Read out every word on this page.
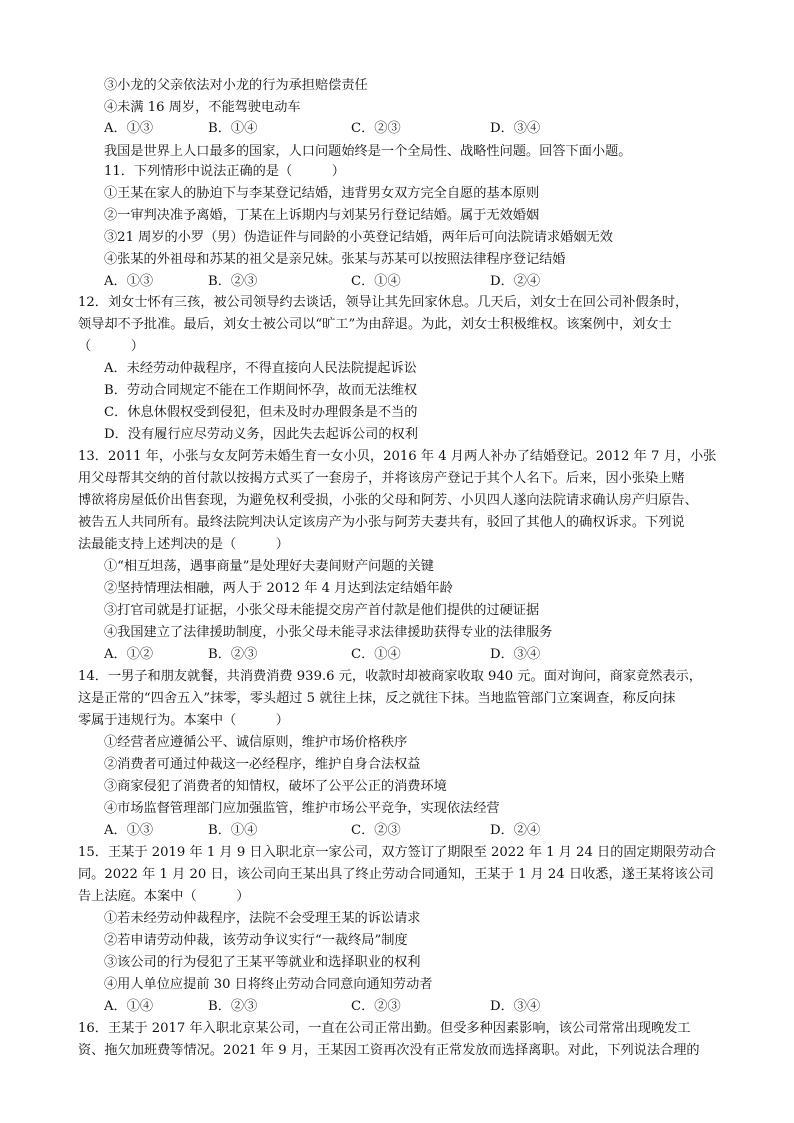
③小龙的父亲依法对小龙的行为承担赔偿责任
④未满 16 周岁，不能驾驶电动车
A．①③	B．①④	C．②③	D．③④
我国是世界上人口最多的国家，人口问题始终是一个全局性、战略性问题。回答下面小题。
11．下列情形中说法正确的是（　　　）
①王某在家人的胁迫下与李某登记结婚，违背男女双方完全自愿的基本原则
②一审判决准予离婚，丁某在上诉期内与刘某另行登记结婚。属于无效婚姻
③21 周岁的小罗（男）伪造证件与同龄的小英登记结婚，两年后可向法院请求婚姻无效
④张某的外祖母和苏某的祖父是亲兄妹。张某与苏某可以按照法律程序登记结婚
A．①③	B．②③	C．①④	D．②④
12．刘女士怀有三孩，被公司领导约去谈话，领导让其先回家休息。几天后，刘女士在回公司补假条时，
领导却不予批准。最后，刘女士被公司以“旷工”为由辞退。为此，刘女士积极维权。该案例中，刘女士
（　　　）
A．未经劳动仲裁程序，不得直接向人民法院提起诉讼
B．劳动合同规定不能在工作期间怀孕，故而无法维权
C．休息休假权受到侵犯，但未及时办理假条是不当的
D．没有履行应尽劳动义务，因此失去起诉公司的权利
13．2011 年，小张与女友阿芳未婚生育一女小贝，2016 年 4 月两人补办了结婚登记。2012 年 7 月，小张
用父母帮其交纳的首付款以按揭方式买了一套房子，并将该房产登记于其个人名下。后来，因小张染上赌
博欲将房屋低价出售套现，为避免权利受损，小张的父母和阿芳、小贝四人遂向法院请求确认房产归原告、
被告五人共同所有。最终法院判决认定该房产为小张与阿芳夫妻共有，驳回了其他人的确权诉求。下列说
法最能支持上述判决的是（　　　）
①“相互坦荡，遇事商量”是处理好夫妻间财产问题的关键
②坚持情理法相融，两人于 2012 年 4 月达到法定结婚年龄
③打官司就是打证据，小张父母未能提交房产首付款是他们提供的过硬证据
④我国建立了法律援助制度，小张父母未能寻求法律援助获得专业的法律服务
A．①②	B．②③	C．①④	D．③④
14．一男子和朋友就餐，共消费消费 939.6 元，收款时却被商家收取 940 元。面对询问，商家竟然表示，
这是正常的“四舍五入”抹零，零头超过 5 就往上抹，反之就往下抹。当地监管部门立案调查，称反向抹
零属于违规行为。本案中（　　　）
①经营者应遵循公平、诚信原则，维护市场价格秩序
②消费者可通过仲裁这一必经程序，维护自身合法权益
③商家侵犯了消费者的知情权，破坏了公平公正的消费环境
④市场监督管理部门应加强监管，维护市场公平竞争，实现依法经营
A．①③	B．①④	C．②③	D．②④
15．王某于 2019 年 1 月 9 日入职北京一家公司，双方签订了期限至 2022 年 1 月 24 日的固定期限劳动合
同。2022 年 1 月 20 日，该公司向王某出具了终止劳动合同通知，王某于 1 月 24 日收悉，遂王某将该公司
告上法庭。本案中（　　　）
①若未经劳动仲裁程序，法院不会受理王某的诉讼请求
②若申请劳动仲裁，该劳动争议实行“一裁终局”制度
③该公司的行为侵犯了王某平等就业和选择职业的权利
④用人单位应提前 30 日将终止劳动合同意向通知劳动者
A．①④	B．②③	C．②③	D．③④
16．王某于 2017 年入职北京某公司，一直在公司正常出勤。但受多种因素影响，该公司常常出现晚发工
资、拖欠加班费等情况。2021 年 9 月，王某因工资再次没有正常发放而选择离职。对此，下列说法合理的
